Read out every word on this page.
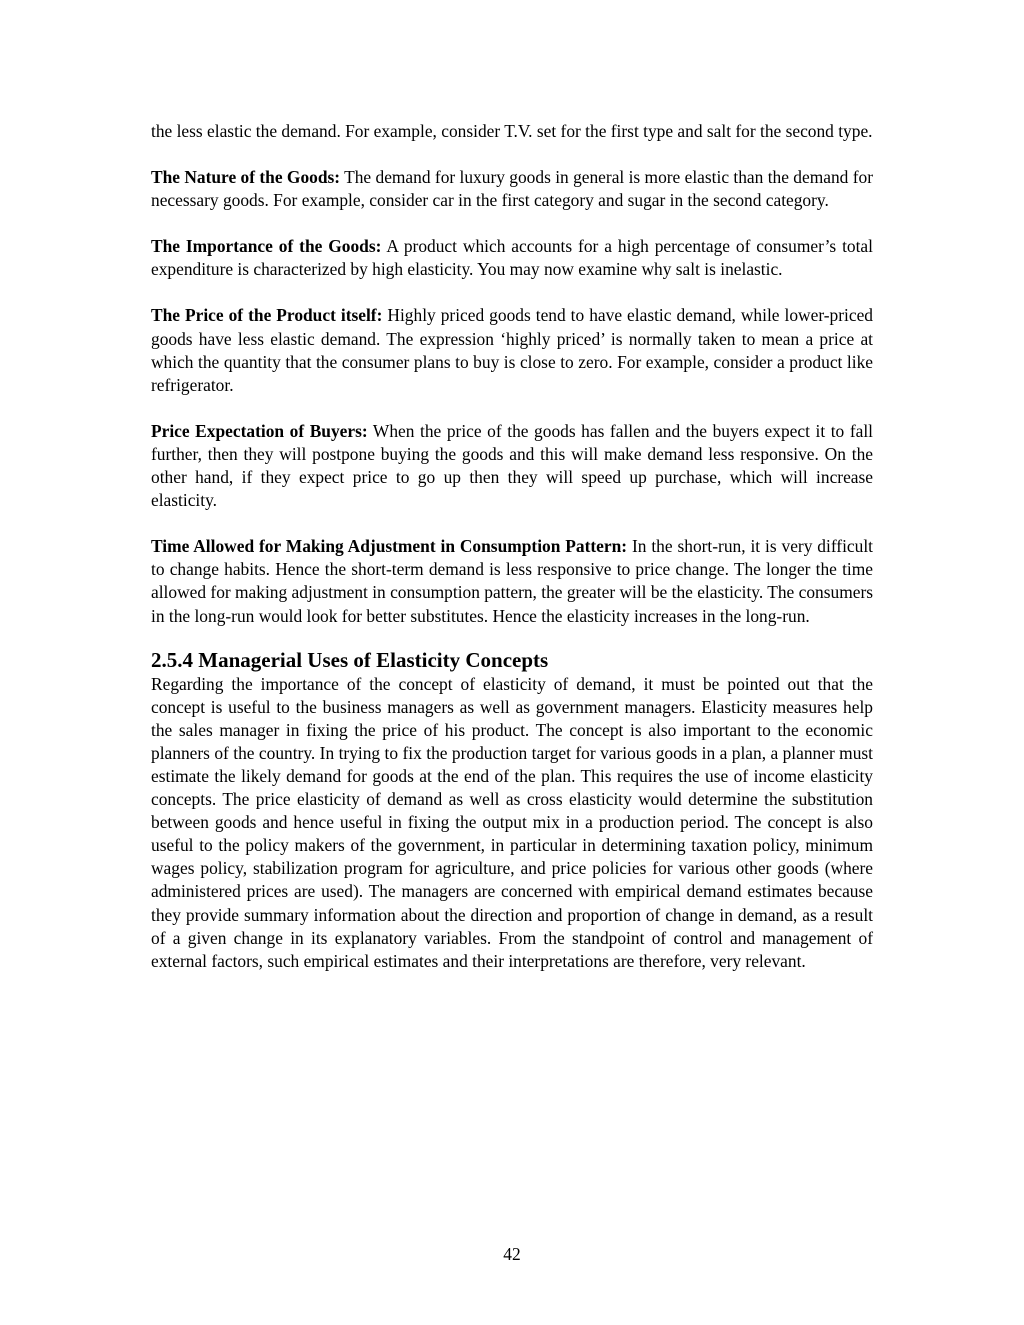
the less elastic the demand. For example, consider T.V. set for the first type and salt for the second type.

The Nature of the Goods: The demand for luxury goods in general is more elastic than the demand for necessary goods. For example, consider car in the first category and sugar in the second category.

The Importance of the Goods: A product which accounts for a high percentage of consumer’s total expenditure is characterized by high elasticity. You may now examine why salt is inelastic.

The Price of the Product itself: Highly priced goods tend to have elastic demand, while lower-priced goods have less elastic demand. The expression ‘highly priced’ is normally taken to mean a price at which the quantity that the consumer plans to buy is close to zero. For example, consider a product like refrigerator.

Price Expectation of Buyers: When the price of the goods has fallen and the buyers expect it to fall further, then they will postpone buying the goods and this will make demand less responsive. On the other hand, if they expect price to go up then they will speed up purchase, which will increase elasticity.

Time Allowed for Making Adjustment in Consumption Pattern: In the short-run, it is very difficult to change habits. Hence the short-term demand is less responsive to price change. The longer the time allowed for making adjustment in consumption pattern, the greater will be the elasticity. The consumers in the long-run would look for better substitutes. Hence the elasticity increases in the long-run.

2.5.4 Managerial Uses of Elasticity Concepts

Regarding the importance of the concept of elasticity of demand, it must be pointed out that the concept is useful to the business managers as well as government managers. Elasticity measures help the sales manager in fixing the price of his product. The concept is also important to the economic planners of the country. In trying to fix the production target for various goods in a plan, a planner must estimate the likely demand for goods at the end of the plan. This requires the use of income elasticity concepts. The price elasticity of demand as well as cross elasticity would determine the substitution between goods and hence useful in fixing the output mix in a production period. The concept is also useful to the policy makers of the government, in particular in determining taxation policy, minimum wages policy, stabilization program for agriculture, and price policies for various other goods (where administered prices are used). The managers are concerned with empirical demand estimates because they provide summary information about the direction and proportion of change in demand, as a result of a given change in its explanatory variables. From the standpoint of control and management of external factors, such empirical estimates and their interpretations are therefore, very relevant.

42
